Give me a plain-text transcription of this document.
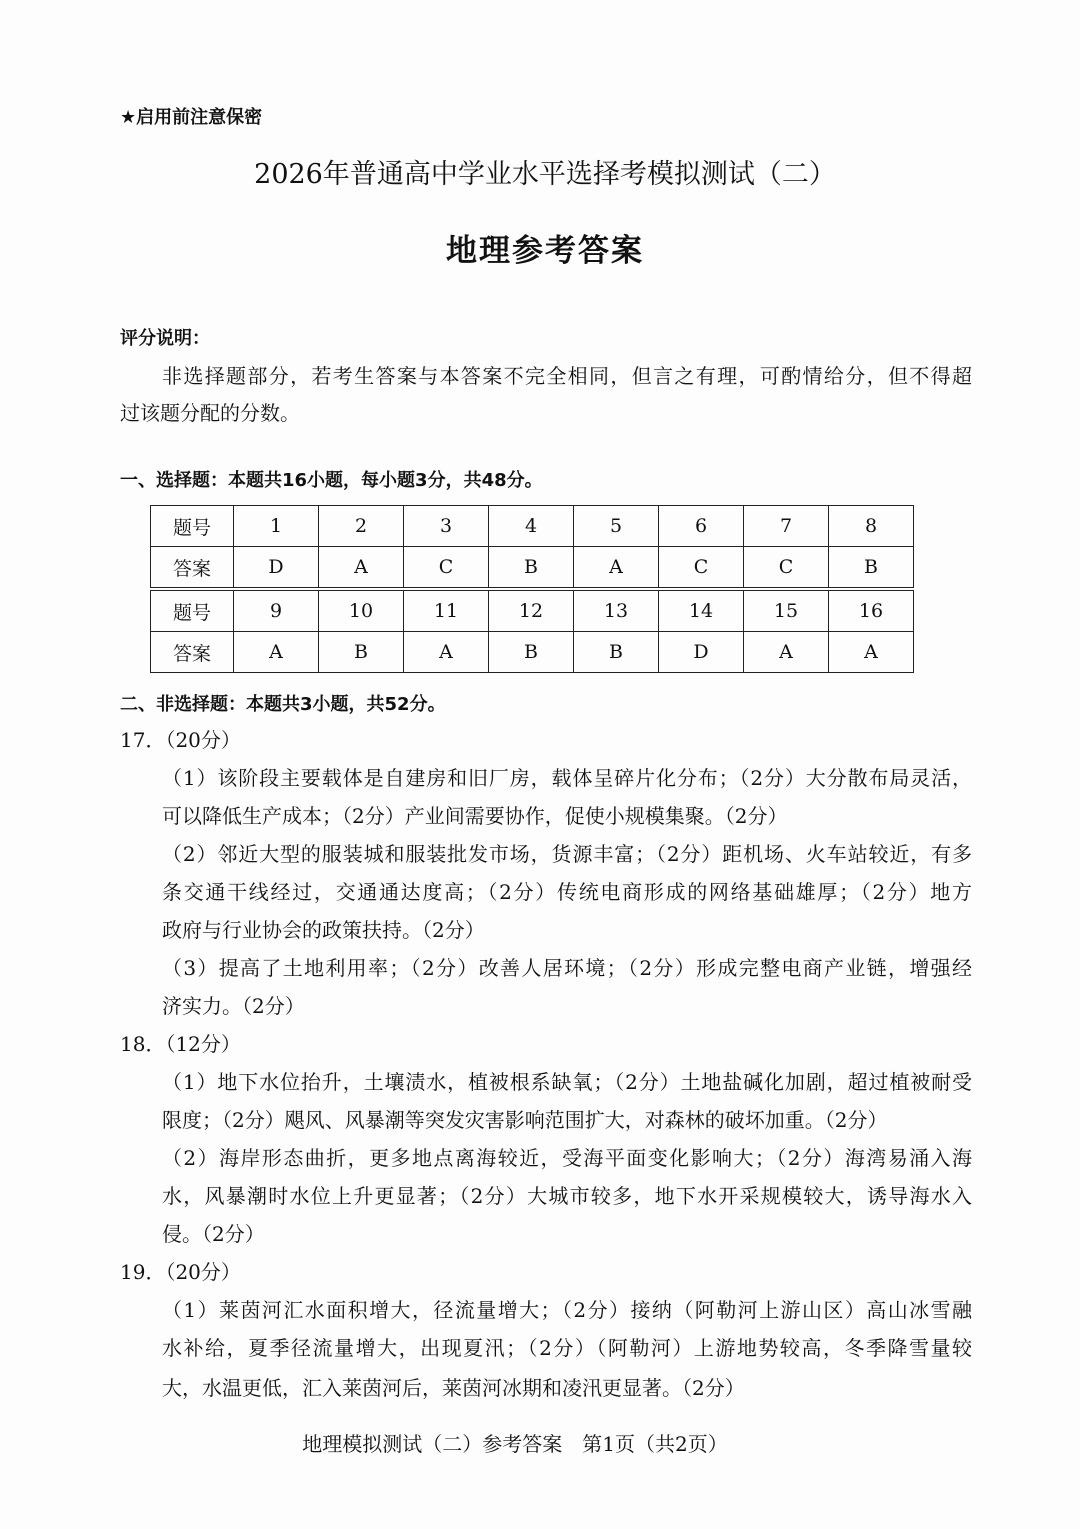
★启用前注意保密
2026年普通高中学业水平选择考模拟测试（二）
地理参考答案
评分说明：
非选择题部分，若考生答案与本答案不完全相同，但言之有理，可酌情给分，但不得超
过该题分配的分数。
一、选择题：本题共16小题，每小题3分，共48分。
题号	1	2	3	4	5	6	7	8
答案	D	A	C	B	A	C	C	B
题号	9	10	11	12	13	14	15	16
答案	A	B	A	B	B	D	A	A
二、非选择题：本题共3小题，共52分。
17．（20分）
（1）该阶段主要载体是自建房和旧厂房，载体呈碎片化分布；（2分）大分散布局灵活，
可以降低生产成本；（2分）产业间需要协作，促使小规模集聚。（2分）
（2）邻近大型的服装城和服装批发市场，货源丰富；（2分）距机场、火车站较近，有多
条交通干线经过，交通通达度高；（2分）传统电商形成的网络基础雄厚；（2分）地方
政府与行业协会的政策扶持。（2分）
（3）提高了土地利用率；（2分）改善人居环境；（2分）形成完整电商产业链，增强经
济实力。（2分）
18．（12分）
（1）地下水位抬升，土壤渍水，植被根系缺氧；（2分）土地盐碱化加剧，超过植被耐受
限度；（2分）飓风、风暴潮等突发灾害影响范围扩大，对森林的破坏加重。（2分）
（2）海岸形态曲折，更多地点离海较近，受海平面变化影响大；（2分）海湾易涌入海
水，风暴潮时水位上升更显著；（2分）大城市较多，地下水开采规模较大，诱导海水入
侵。（2分）
19．（20分）
（1）莱茵河汇水面积增大，径流量增大；（2分）接纳（阿勒河上游山区）高山冰雪融
水补给，夏季径流量增大，出现夏汛；（2分）（阿勒河）上游地势较高，冬季降雪量较
大，水温更低，汇入莱茵河后，莱茵河冰期和凌汛更显著。（2分）
地理模拟测试（二）参考答案　第1页（共2页）
